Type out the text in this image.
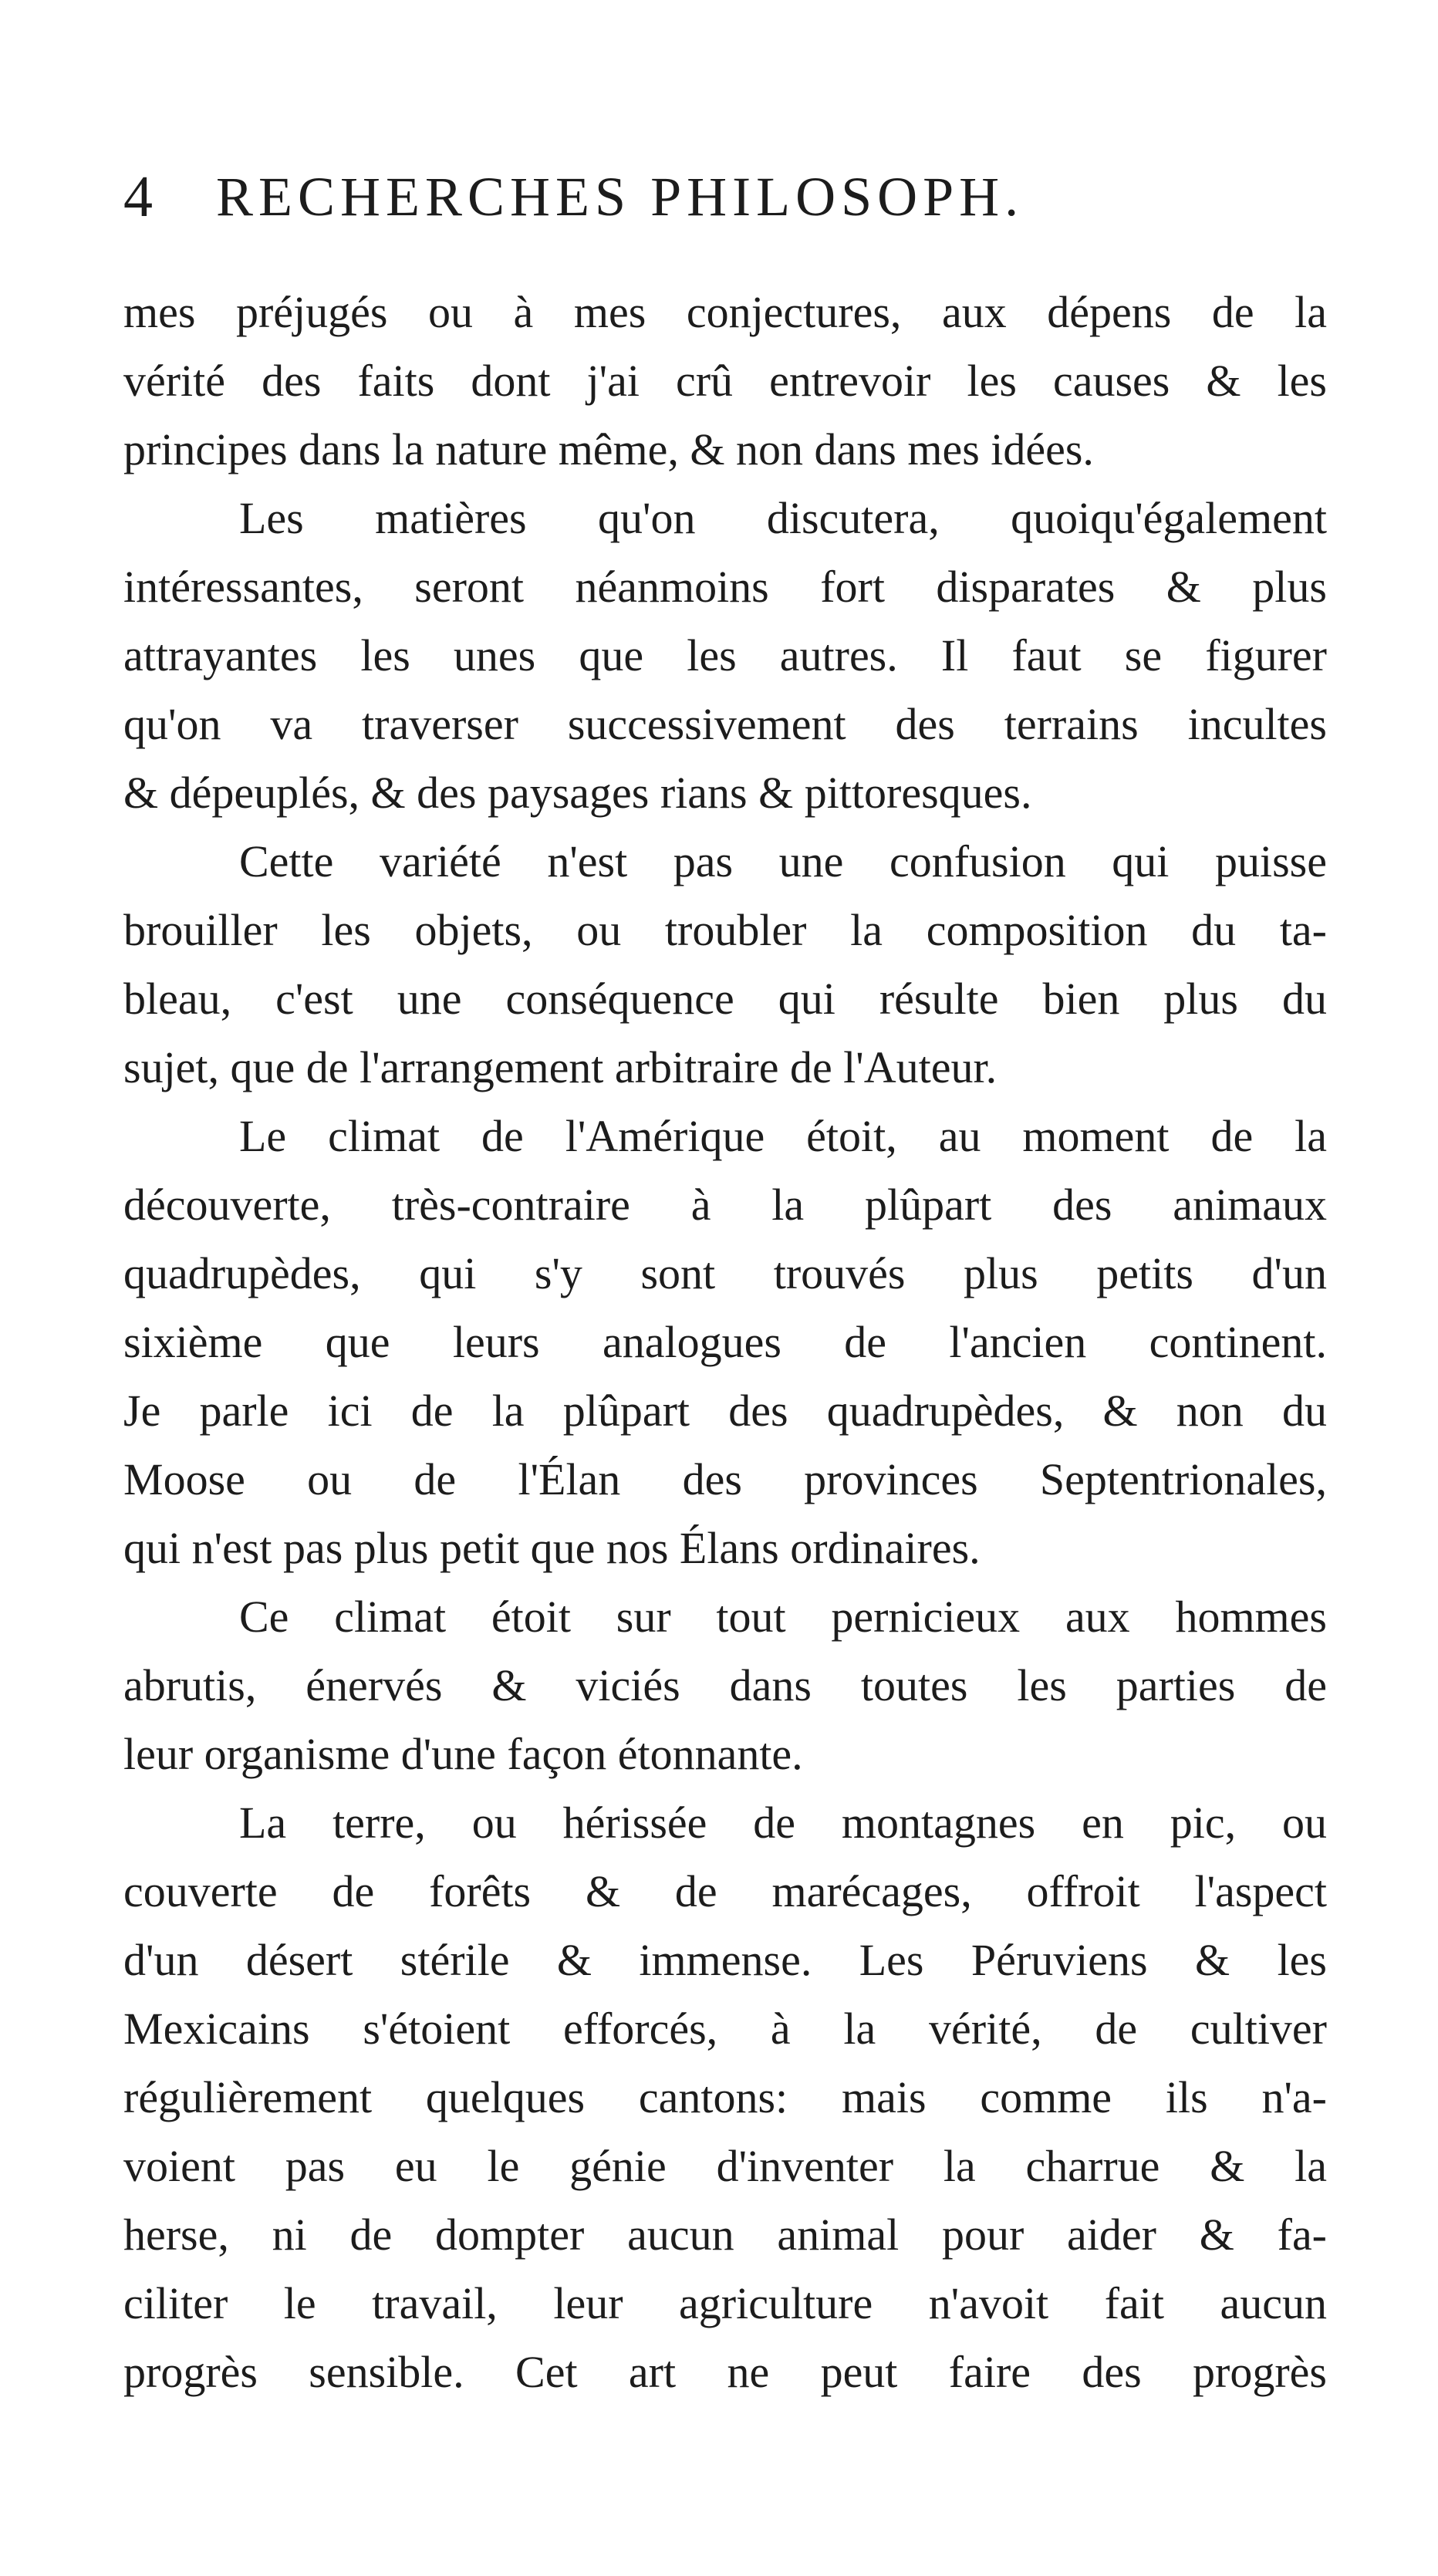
4 RECHERCHES PHILOSOPH.
mes préjugés ou à mes conjectures, aux dépens de la
vérité des faits dont j'ai crû entrevoir les causes & les
principes dans la nature même, & non dans mes idées.
Les matières qu'on discutera, quoiqu'également
intéressantes, seront néanmoins fort disparates & plus
attrayantes les unes que les autres. Il faut se figurer
qu'on va traverser successivement des terrains incultes
& dépeuplés, & des paysages rians & pittoresques.
Cette variété n'est pas une confusion qui puisse
brouiller les objets, ou troubler la composition du ta-
bleau, c'est une conséquence qui résulte bien plus du
sujet, que de l'arrangement arbitraire de l'Auteur.
Le climat de l'Amérique étoit, au moment de la
découverte, très-contraire à la plûpart des animaux
quadrupèdes, qui s'y sont trouvés plus petits d'un
sixième que leurs analogues de l'ancien continent.
Je parle ici de la plûpart des quadrupèdes, & non du
Moose ou de l'Élan des provinces Septentrionales,
qui n'est pas plus petit que nos Élans ordinaires.
Ce climat étoit sur tout pernicieux aux hommes
abrutis, énervés & viciés dans toutes les parties de
leur organisme d'une façon étonnante.
La terre, ou hérissée de montagnes en pic, ou
couverte de forêts & de marécages, offroit l'aspect
d'un désert stérile & immense. Les Péruviens & les
Mexicains s'étoient efforcés, à la vérité, de cultiver
régulièrement quelques cantons: mais comme ils n'a-
voient pas eu le génie d'inventer la charrue & la
herse, ni de dompter aucun animal pour aider & fa-
ciliter le travail, leur agriculture n'avoit fait aucun
progrès sensible. Cet art ne peut faire des progrès
